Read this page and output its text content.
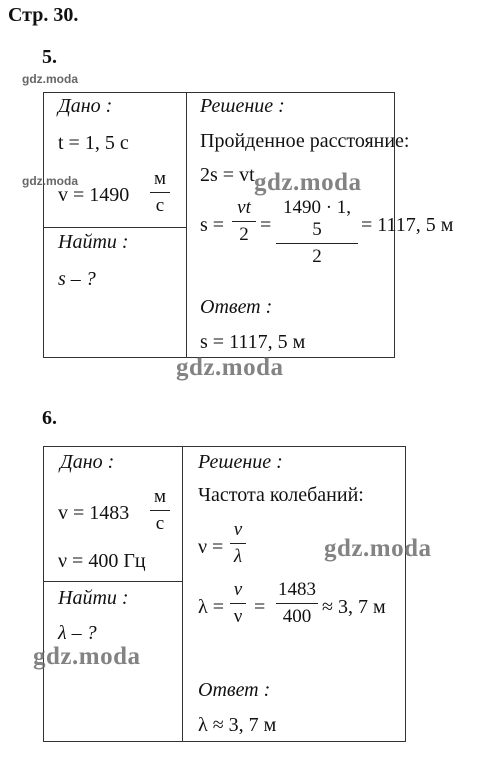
Стр. 30.
5.
gdz.moda
Дано :
t = 1, 5 с
gdz.moda
v = 1490
м
с
Найти :
s – ?
Решение :
Пройденное расстояние:
2s = vt gdz.moda
s =
vt
2 =
1490 · 1, 5
2
= 1117, 5 м
Ответ :
s = 1117, 5 м
gdz.moda
6.
Дано :
v = 1483
м
с
ν = 400 Гц
Найти :
λ – ?
gdz.moda
Решение :
Частота колебаний:
ν =
v
λ	gdz.moda
λ =
v
ν =
1483
400 ≈ 3, 7 м
Ответ :
λ ≈ 3, 7 м
